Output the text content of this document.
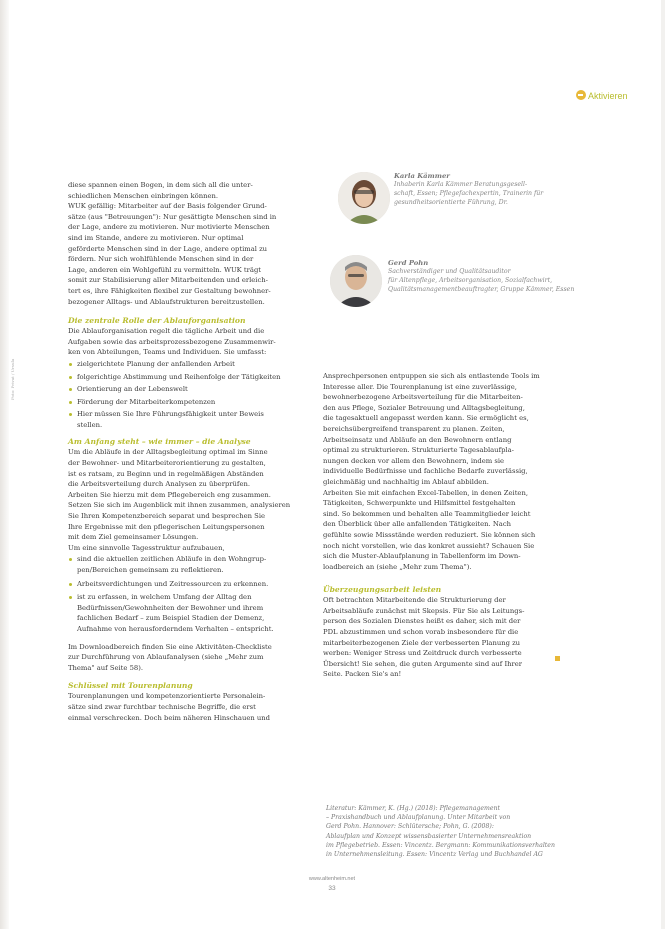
Aktivieren
Foto: Privat / Ursula
diese spannen einen Bogen, in dem sich all die unter-
schiedlichen Menschen einbringen können.
WUK gefällig: Mitarbeiter auf der Basis folgender Grund-
sätze (aus "Betreuungen"): Nur gesättigte Menschen sind in
der Lage, andere zu motivieren. Nur motivierte Menschen
sind im Stande, andere zu motivieren. Nur optimal
geförderte Menschen sind in der Lage, andere optimal zu
fördern. Nur sich wohlfühlende Menschen sind in der
Lage, anderen ein Wohlgefühl zu vermitteln. WUK trägt
somit zur Stabilisierung aller Mitarbeitenden und erleich-
tert es, ihre Fähigkeiten flexibel zur Gestaltung bewohner-
bezogener Alltags- und Ablaufstrukturen bereitzustellen.
Die zentrale Rolle der Ablauforganisation
Die Ablauforganisation regelt die tägliche Arbeit und die
Aufgaben sowie das arbeitsprozessbezogene Zusammenwir-
ken von Abteilungen, Teams und Individuen. Sie umfasst:
zielgerichtete Planung der anfallenden Arbeit
folgerichtige Abstimmung und Reihenfolge der Tätigkeiten
Orientierung an der Lebenswelt
Förderung der Mitarbeiterkompetenzen
Hier müssen Sie Ihre Führungsfähigkeit unter Beweis
stellen.
Am Anfang steht – wie immer – die Analyse
Um die Abläufe in der Alltagsbegleitung optimal im Sinne
der Bewohner- und Mitarbeiterorientierung zu gestalten,
ist es ratsam, zu Beginn und in regelmäßigen Abständen
die Arbeitsverteilung durch Analysen zu überprüfen.
Arbeiten Sie hierzu mit dem Pflegebereich eng zusammen.
Setzen Sie sich im Augenblick mit ihnen zusammen, analysieren
Sie Ihren Kompetenzbereich separat und besprechen Sie
Ihre Ergebnisse mit den pflegerischen Leitungspersonen
mit dem Ziel gemeinsamer Lösungen.
Um eine sinnvolle Tagesstruktur aufzubauen,
sind die aktuellen zeitlichen Abläufe in den Wohngrup-
pen/Bereichen gemeinsam zu reflektieren.
Arbeitsverdichtungen und Zeitressourcen zu erkennen.
ist zu erfassen, in welchem Umfang der Alltag den
Bedürfnissen/Gewohnheiten der Bewohner und ihrem
fachlichen Bedarf – zum Beispiel Stadien der Demenz,
Aufnahme von herausforderndem Verhalten – entspricht.
Im Downloadbereich finden Sie eine Aktivitäten-Checkliste
zur Durchführung von Ablaufanalysen (siehe „Mehr zum
Thema" auf Seite 58).
Schlüssel mit Tourenplanung
Tourenplanungen und kompetenzorientierte Personalein-
sätze sind zwar furchtbar technische Begriffe, die erst
einmal verschrecken. Doch beim näheren Hinschauen und
Karla Kämmer
Inhaberin Karla Kämmer Beratungsgesell-
schaft, Essen; Pflegefachexpertin, Trainerin für
gesundheitsorientierte Führung, Dr.
Gerd Pohn
Sachverständiger und Qualitätsauditor
für Altenpflege, Arbeitsorganisation, Sozialfachwirt,
Qualitätsmanagementbeauftragter, Gruppe Kämmer, Essen
Ansprechpersonen entpuppen sie sich als entlastende Tools im
Interesse aller. Die Tourenplanung ist eine zuverlässige,
bewohnerbezogene Arbeitsverteilung für die Mitarbeiten-
den aus Pflege, Sozialer Betreuung und Alltagsbegleitung,
die tagesaktuell angepasst werden kann. Sie ermöglicht es,
bereichsübergreifend transparent zu planen. Zeiten,
Arbeitseinsatz und Abläufe an den Bewohnern entlang
optimal zu strukturieren. Strukturierte Tagesablaufpla-
nungen decken vor allem den Bewohnern, indem sie
individuelle Bedürfnisse und fachliche Bedarfe zuverlässig,
gleichmäßig und nachhaltig im Ablauf abbilden.
Arbeiten Sie mit einfachen Excel-Tabellen, in denen Zeiten,
Tätigkeiten, Schwerpunkte und Hilfsmittel festgehalten
sind. So bekommen und behalten alle Teammitglieder leicht
den Überblick über alle anfallenden Tätigkeiten. Nach
gefühlte sowie Missstände werden reduziert. Sie können sich
noch nicht vorstellen, wie das konkret aussieht? Schauen Sie
sich die Muster-Ablaufplanung in Tabellenform im Down-
loadbereich an (siehe „Mehr zum Thema").
Überzeugungsarbeit leisten
Oft betrachten Mitarbeitende die Strukturierung der
Arbeitsabläufe zunächst mit Skepsis. Für Sie als Leitungs-
person des Sozialen Dienstes heißt es daher, sich mit der
PDL abzustimmen und schon vorab insbesondere für die
mitarbeiterbezogenen Ziele der verbesserten Planung zu
werben: Weniger Stress und Zeitdruck durch verbesserte
Übersicht! Sie sehen, die guten Argumente sind auf Ihrer
Seite. Packen Sie's an!
Literatur: Kämmer, K. (Hg.) (2018): Pflegemanagement
– Praxishandbuch und Ablaufplanung. Unter Mitarbeit von
Gerd Pohn. Hannover: Schlütersche; Pohn, G. (2008):
Ablaufplan und Konzept wissensbasierter Unternehmensreaktion
im Pflegebetrieb. Essen: Vincentz. Bergmann: Kommunikationsverhalten
in Unternehmensleitung. Essen: Vincentz Verlag und Buchhandel AG
www.altenheim.net
33
